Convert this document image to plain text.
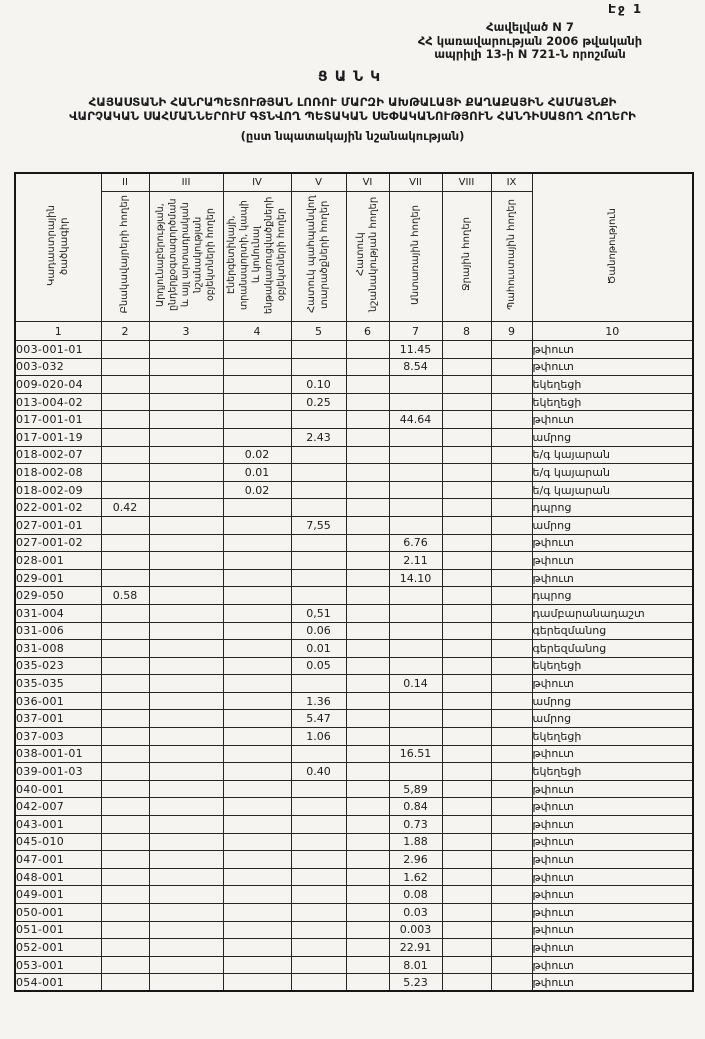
Էջ 1
Հավելված N 7
ՀՀ կառավարության 2006 թվականի
ապրիլի 13-ի N 721-Ն որոշման
ՑԱՆԿ
ՀԱՅԱՍՏԱՆԻ ՀԱՆՐԱՊԵՏՈՒԹՅԱՆ ԼՈՌՈՒ ՄԱՐԶԻ ԱԽԹԱԼԱՅԻ ՔԱՂԱՔԱՅԻՆ ՀԱՄԱՅՆՔԻ
ՎԱՐՉԱԿԱՆ ՍԱՀՄԱՆՆԵՐՈՒՄ ԳՏՆՎՈՂ ՊԵՏԱԿԱՆ ՍԵՓԱԿԱՆՈՒԹՅՈՒՆ ՀԱՆԴԻՍԱՑՈՂ ՀՈՂԵՐԻ
(ըստ նպատակային նշանակության)
Կադաստրային ծածկագիր	II	III	IV	V	VI	VII	VIII	IX	Ծանոթություն
	Բնակավայրերի հողեր	Արդյունաբերության, ընդերքօգտագործման և այլ արտադրական նշանակության օբյեկտների հողեր	Էներգետիկայի, տրանսպորտի, կապի և կոմունալ ենթակառուցվածքների օբյեկտների հողեր	Հատուկ պահպանվող տարածքների հողեր	Հատուկ նշանակության հողեր	Անտառային հողեր	Ջրային հողեր	Պահուստային հողեր	
1	2	3	4	5	6	7	8	9	10
003-001-01						11.45			թփուտ
003-032						8.54			թփուտ
009-020-04				0.10					եկեղեցի
013-004-02				0.25					եկեղեցի
017-001-01						44.64			թփուտ
017-001-19				2.43					ամրոց
018-002-07			0.02						ե/գ կայարան
018-002-08			0.01						ե/գ կայարան
018-002-09			0.02						ե/գ կայարան
022-001-02	0.42								դպրոց
027-001-01				7,55					ամրոց
027-001-02						6.76			թփուտ
028-001						2.11			թփուտ
029-001						14.10			թփուտ
029-050	0.58								դպրոց
031-004				0,51					դամբարանադաշտ
031-006				0.06					գերեզմանոց
031-008				0.01					գերեզմանոց
035-023				0.05					եկեղեցի
035-035						0.14			թփուտ
036-001				1.36					ամրոց
037-001				5.47					ամրոց
037-003				1.06					եկեղեցի
038-001-01						16.51			թփուտ
039-001-03				0.40					եկեղեցի
040-001						5,89			թփուտ
042-007						0.84			թփուտ
043-001						0.73			թփուտ
045-010						1.88			թփուտ
047-001						2.96			թփուտ
048-001						1.62			թփուտ
049-001						0.08			թփուտ
050-001						0.03			թփուտ
051-001						0.003			թփուտ
052-001						22.91			թփուտ
053-001						8.01			թփուտ
054-001						5.23			թփուտ
